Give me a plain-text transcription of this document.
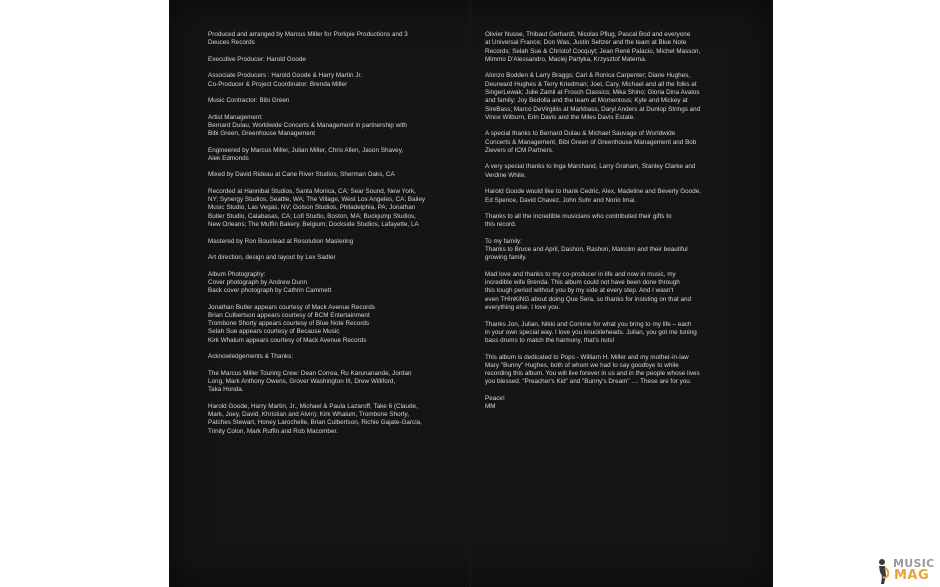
Produced and arranged by Marcus Miller for Porkpie Productions and 3
Deuces Records

Executive Producer: Harold Goode

Associate Producers : Harold Goode & Harry Martin Jr.
Co-Producer & Project Coordinator: Brenda Miller

Music Contractor: Bibi Green

Artist Management:
Bernard Dulau, Worldwide Concerts & Management in partnership with
Bibi Green, Greenhouse Management

Engineered by Marcus Miller, Julian Miller, Chris Allen, Jason Shavey,
Alek Edmonds

Mixed by David Rideau at Cane River Studios, Sherman Oaks, CA

Recorded at Hannibal Studios, Santa Monica, CA; Sear Sound, New York,
NY; Synergy Studios, Seattle, WA; The Village, West Los Angeles, CA; Bailey
Music Studio, Las Vegas, NV; Golson Studios, Philadelphia, PA; Jonathan
Butler Studio, Calabasas, CA; Lofi Studio, Boston, MA; Buckjump Studios,
New Orleans; The Muffin Bakery, Belgium; Dockside Studios, Lafayette, LA

Mastered by Ron Boustead at Resolution Mastering

Art direction, design and layout by Lex Sadler

Album Photography:
Cover photograph by Andrew Dunn
Back cover photograph by Cathrin Cammett

Jonathan Butler appears courtesy of Mack Avenue Records
Brian Culbertson appears courtesy of BCM Entertainment
Trombone Shorty appears courtesy of Blue Note Records
Selah Sue appears courtesy of Because Music
Kirk Whalum appears courtesy of Mack Avenue Records

Acknowledgements & Thanks:

The Marcus Miller Touring Crew: Dean Correa, Ru Karunanande, Jordan
Long, Mark Anthony Owens, Grover Washington III, Drew Williford,
Taka Honda.

Harold Goode, Harry Martin, Jr., Michael & Paula Lazaroff, Take 6 (Claude,
Mark, Joey, David, Khristian and Alvin); Kirk Whalum, Trombone Shorty,
Patches Stewart, Honey Larochelle, Brian Culbertson, Richie Gajate-Garcia,
Trinity Colon, Mark Ruffin and Rob Macomber.

Olivier Nusse, Thibaut Gerhardt, Nicolas Pflug, Pascal Bod and everyone
at Universal France; Don Was, Justin Seltzer and the team at Blue Note
Records; Selah Sue & Christof Cocquyt; Jean René Palacio, Michel Masson,
Mimmo D'Alessandro, Maciej Partyka, Krzysztof Materna.

Alonzo Bodden & Larry Braggs; Carl & Ronica Carpenter; Diane Hughes,
Deurward Hughes & Terry Kriedman; Joel, Cary, Michael and all the folks at
SingerLewak; Julie Zamil at Frosch Classics; Mika Shino; Gloria Dina Avalos
and family; Joy Bedolla and the team at Momentous; Kyle and Mickey at
SireBass; Marco DeVirgiliis at Markbass, Daryl Anders at Dunlop Strings and
Vince Wilburn, Erin Davis and the Miles Davis Estate.

A special thanks to Bernard Dulau & Michael Sauvage of Worldwide
Concerts & Management, Bibi Green of Greenhouse Management and Bob
Zievers of ICM Partners.

A very special thanks to Inga Marchand, Larry Graham, Stanley Clarke and
Verdine White.

Harold Goode would like to thank Cedric, Alex, Madeline and Beverly Goode,
Ed Spence, David Chavez, John Suhr and Norio Imai.

Thanks to all the incredible musicians who contributed their gifts to
this record.

To my family:
Thanks to Bruce and April, Dashon, Rashon, Malcolm and their beautiful
growing family.

Mad love and thanks to my co-producer in life and now in music, my
incredible wife Brenda. This album could not have been done through
this tough period without you by my side at every step. And I wasn't
even THInKiNG about doing Que Sera, so thanks for insisting on that and
everything else. I love you.

Thanks Jon, Julian, Nikki and Corinne for what you bring to my life – each
in your own special way. I love you knuckleheads. Julian, you got me tuning
bass drums to match the harmony, that's nuts!

This album is dedicated to Pops - William H. Miller and my mother-in-law
Mary "Bunny" Hughes, both of whom we had to say goodbye to while
recording this album. You will live forever in us and in the people whose lives
you blessed. "Preacher's Kid" and "Bunny's Dream" .... These are for you.

Peace!
MM

MUSIC
MAG
